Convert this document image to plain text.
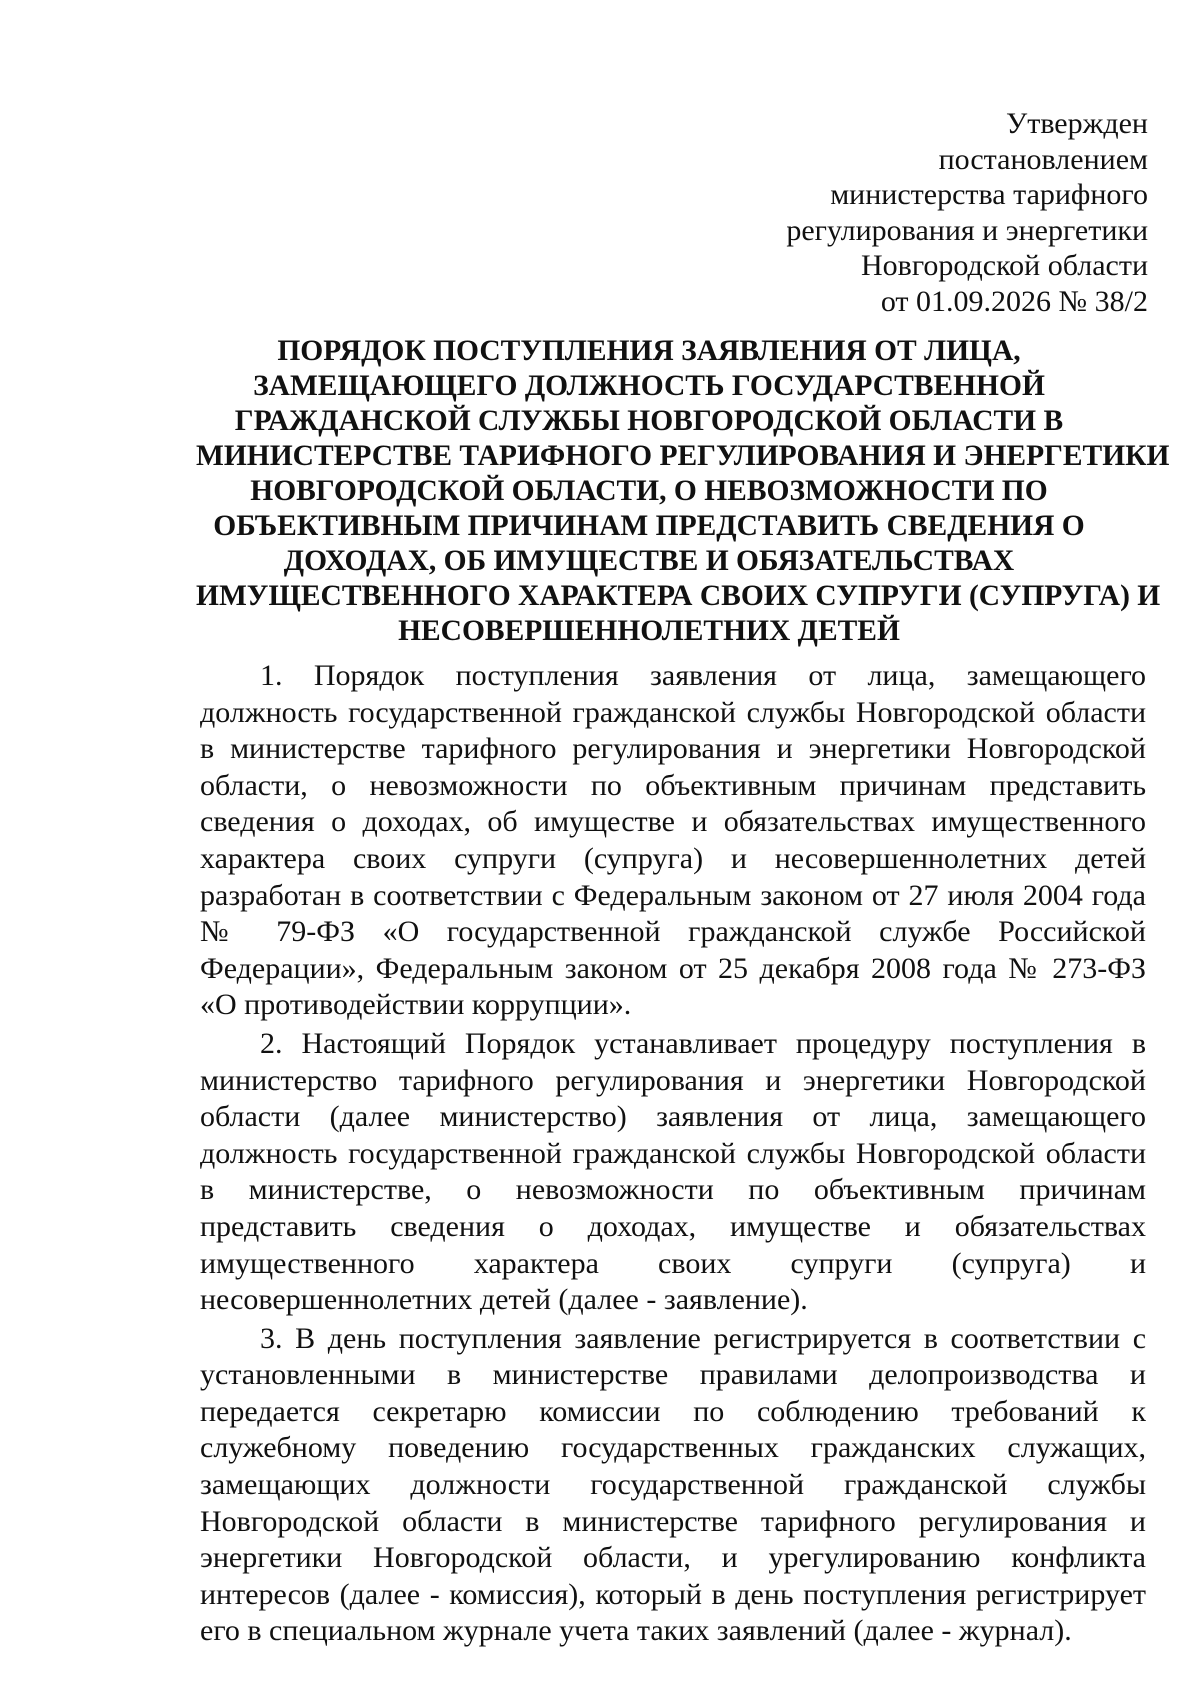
Утвержден
постановлением
министерства тарифного
регулирования и энергетики
Новгородской области
от 01.09.2026 № 38/2
ПОРЯДОК ПОСТУПЛЕНИЯ ЗАЯВЛЕНИЯ ОТ ЛИЦА,
ЗАМЕЩАЮЩЕГО ДОЛЖНОСТЬ ГОСУДАРСТВЕННОЙ
ГРАЖДАНСКОЙ СЛУЖБЫ НОВГОРОДСКОЙ ОБЛАСТИ В
МИНИСТЕРСТВЕ ТАРИФНОГО РЕГУЛИРОВАНИЯ И ЭНЕРГЕТИКИ
НОВГОРОДСКОЙ ОБЛАСТИ, О НЕВОЗМОЖНОСТИ ПО
ОБЪЕКТИВНЫМ ПРИЧИНАМ ПРЕДСТАВИТЬ СВЕДЕНИЯ О
ДОХОДАХ, ОБ ИМУЩЕСТВЕ И ОБЯЗАТЕЛЬСТВАХ
ИМУЩЕСТВЕННОГО ХАРАКТЕРА СВОИХ СУПРУГИ (СУПРУГА) И
НЕСОВЕРШЕННОЛЕТНИХ ДЕТЕЙ

1. Порядок поступления заявления от лица, замещающего должность государственной гражданской службы Новгородской области в министерстве тарифного регулирования и энергетики Новгородской области, о невозможности по объективным причинам представить сведения о доходах, об имуществе и обязательствах имущественного характера своих супруги (супруга) и несовершеннолетних детей разработан в соответствии с Федеральным законом от 27 июля 2004 года № 79-ФЗ «О государственной гражданской службе Российской Федерации», Федеральным законом от 25 декабря 2008 года № 273-ФЗ «О противодействии коррупции».

2. Настоящий Порядок устанавливает процедуру поступления в министерство тарифного регулирования и энергетики Новгородской области (далее министерство) заявления от лица, замещающего должность государственной гражданской службы Новгородской области в министерстве, о невозможности по объективным причинам представить сведения о доходах, имуществе и обязательствах имущественного характера своих супруги (супруга) и несовершеннолетних детей (далее - заявление).

3. В день поступления заявление регистрируется в соответствии с установленными в министерстве правилами делопроизводства и передается секретарю комиссии по соблюдению требований к служебному поведению государственных гражданских служащих, замещающих должности государственной гражданской службы Новгородской области в министерстве тарифного регулирования и энергетики Новгородской области, и урегулированию конфликта интересов (далее - комиссия), который в день поступления регистрирует его в специальном журнале учета таких заявлений (далее - журнал).
